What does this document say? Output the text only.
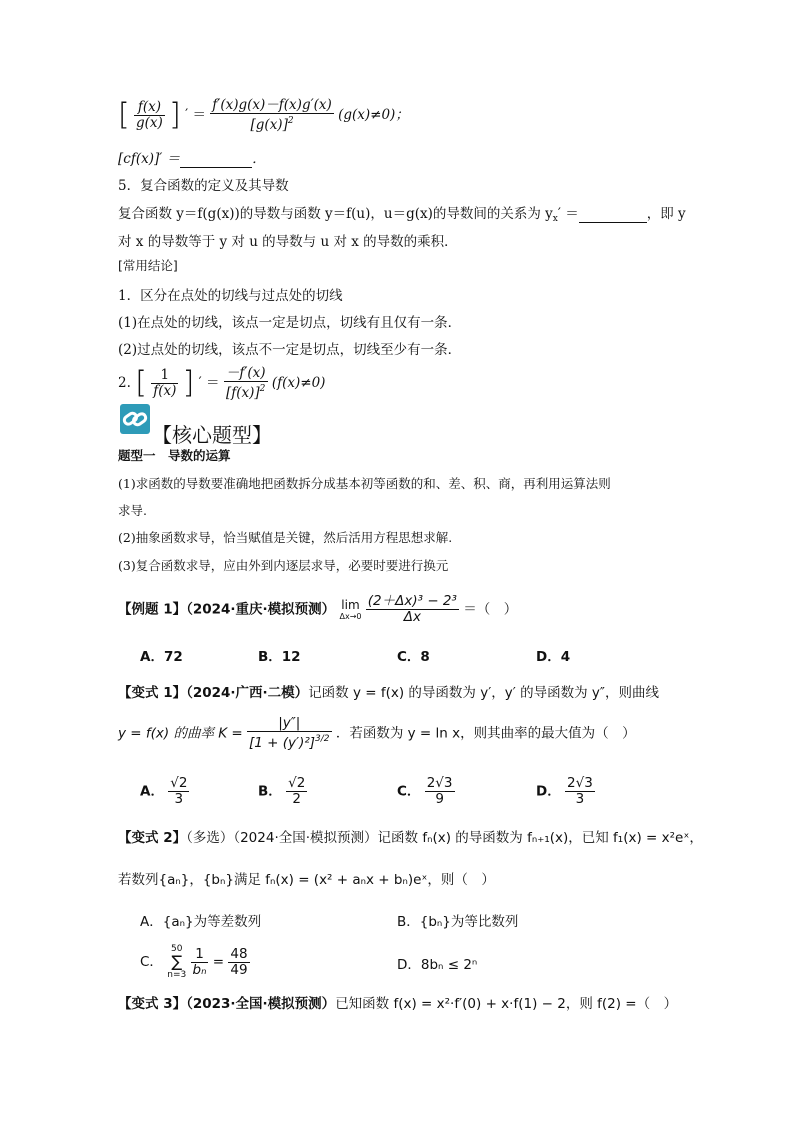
[ $\frac{f(x)}{g(x)}$ ] ′ ＝ $\frac{f'(x)g(x)-f(x)g'(x)}{[g(x)]^2} (g(x)\ne 0)$；
[cf(x)]′ ＝	．
5．复合函数的定义及其导数
复合函数 y＝f(g(x))的导数与函数 y＝f(u)，u＝g(x)的导数间的关系为 $y_x'$ ＝	，即 y
对 x 的导数等于 y 对 u 的导数与 u 对 x 的导数的乘积．
[常用结论]
1．区分在点处的切线与过点处的切线
(1)在点处的切线，该点一定是切点，切线有且仅有一条．
(2)过点处的切线，该点不一定是切点，切线至少有一条．
2. [ $\frac{1}{f(x)}$ ] ′ ＝ $\frac{-f'(x)}{[f(x)]^2} (f(x)\ne 0)$
【核心题型】
题型一　导数的运算
(1)求函数的导数要准确地把函数拆分成基本初等函数的和、差、积、商，再利用运算法则
求导.
(2)抽象函数求导，恰当赋值是关键，然后活用方程思想求解.
(3)复合函数求导，应由外到内逐层求导，必要时要进行换元
【例题 1】（2024·重庆·模拟预测） lim
Δx→0
$\frac{\text{(2＋Δx)³ − 2³}}{\Delta x}$ ＝（　）
A．72	B．12	C．8	D．4
【变式 1】（2024·广西·二模）记函数 y = f(x) 的导函数为 y′，y′ 的导函数为 y″，则曲线
y = f(x) 的曲率 $K = \frac{|y''|}{[1 + (y')^2]^{3/2}}$ ．若函数为 y = ln x，则其曲率的最大值为（　）
A． $\frac{√2}{3}$	B． $\frac{√2}{2}$	C． $\frac{2√3}{9}$	D． $\frac{2√3}{3}$
【变式 2】（多选）（2024·全国·模拟预测）记函数 fₙ(x) 的导函数为 fₙ₊₁(x)，已知 f₁(x) = x²eˣ，
若数列{aₙ}，{bₙ}满足 fₙ(x) = (x² + aₙx + bₙ)eˣ，则（　）
A．{aₙ}为等差数列	B．{bₙ}为等比数列
C．
50
∑
n=3
$\frac{1}{\text{bₙ}} = \frac{48}{49}$	D．8bₙ ≤ 2ⁿ
【变式 3】（2023·全国·模拟预测）已知函数 f(x) = x²·f′(0) + x·f(1) − 2，则 f(2) =（　）
